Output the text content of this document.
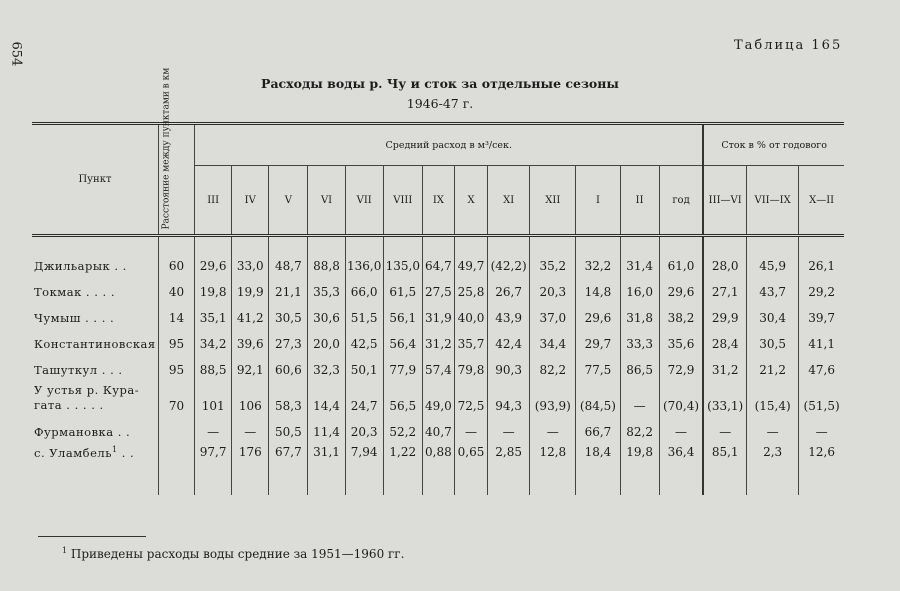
654	Таблица 165
Расходы воды р. Чу и сток за отдельные сезоны
1946-47 г.
Пункт	Расстояние между пунктами в км	Средний расход в м³/сек.													Сток в % от годового		
		III	IV	V	VI	VII	VIII	IX	X	XI	XII	I	II	год	III—VI	VII—IX	X—II
Джильарык . .	60	29,6	33,0	48,7	88,8	136,0	135,0	64,7	49,7	(42,2)	35,2	32,2	31,4	61,0	28,0	45,9	26,1
Токмак . . . .	40	19,8	19,9	21,1	35,3	66,0	61,5	27,5	25,8	26,7	20,3	14,8	16,0	29,6	27,1	43,7	29,2
Чумыш . . . .	14	35,1	41,2	30,5	30,6	51,5	56,1	31,9	40,0	43,9	37,0	29,6	31,8	38,2	29,9	30,4	39,7
Константиновская	95	34,2	39,6	27,3	20,0	42,5	56,4	31,2	35,7	42,4	34,4	29,7	33,3	35,6	28,4	30,5	41,1
Ташуткул . . .	95	88,5	92,1	60,6	32,3	50,1	77,9	57,4	79,8	90,3	82,2	77,5	86,5	72,9	31,2	21,2	47,6

У устья р. Кура-
гата . . . . .	70	101	106	58,3	14,4	24,7	56,5	49,0	72,5	94,3	(93,9)	(84,5)	—	(70,4)	(33,1)	(15,4)	(51,5)
Фурмановка . .		—	—	50,5	11,4	20,3	52,2	40,7	—	—	—	66,7	82,2	—	—	—	—
с. Уламбель$^1$ . .		97,7	176	67,7	31,1	7,94	1,22	0,88	0,65	2,85	12,8	18,4	19,8	36,4	85,1	2,3	12,6
$^1$ Приведены расходы воды средние за 1951—1960 гг.
